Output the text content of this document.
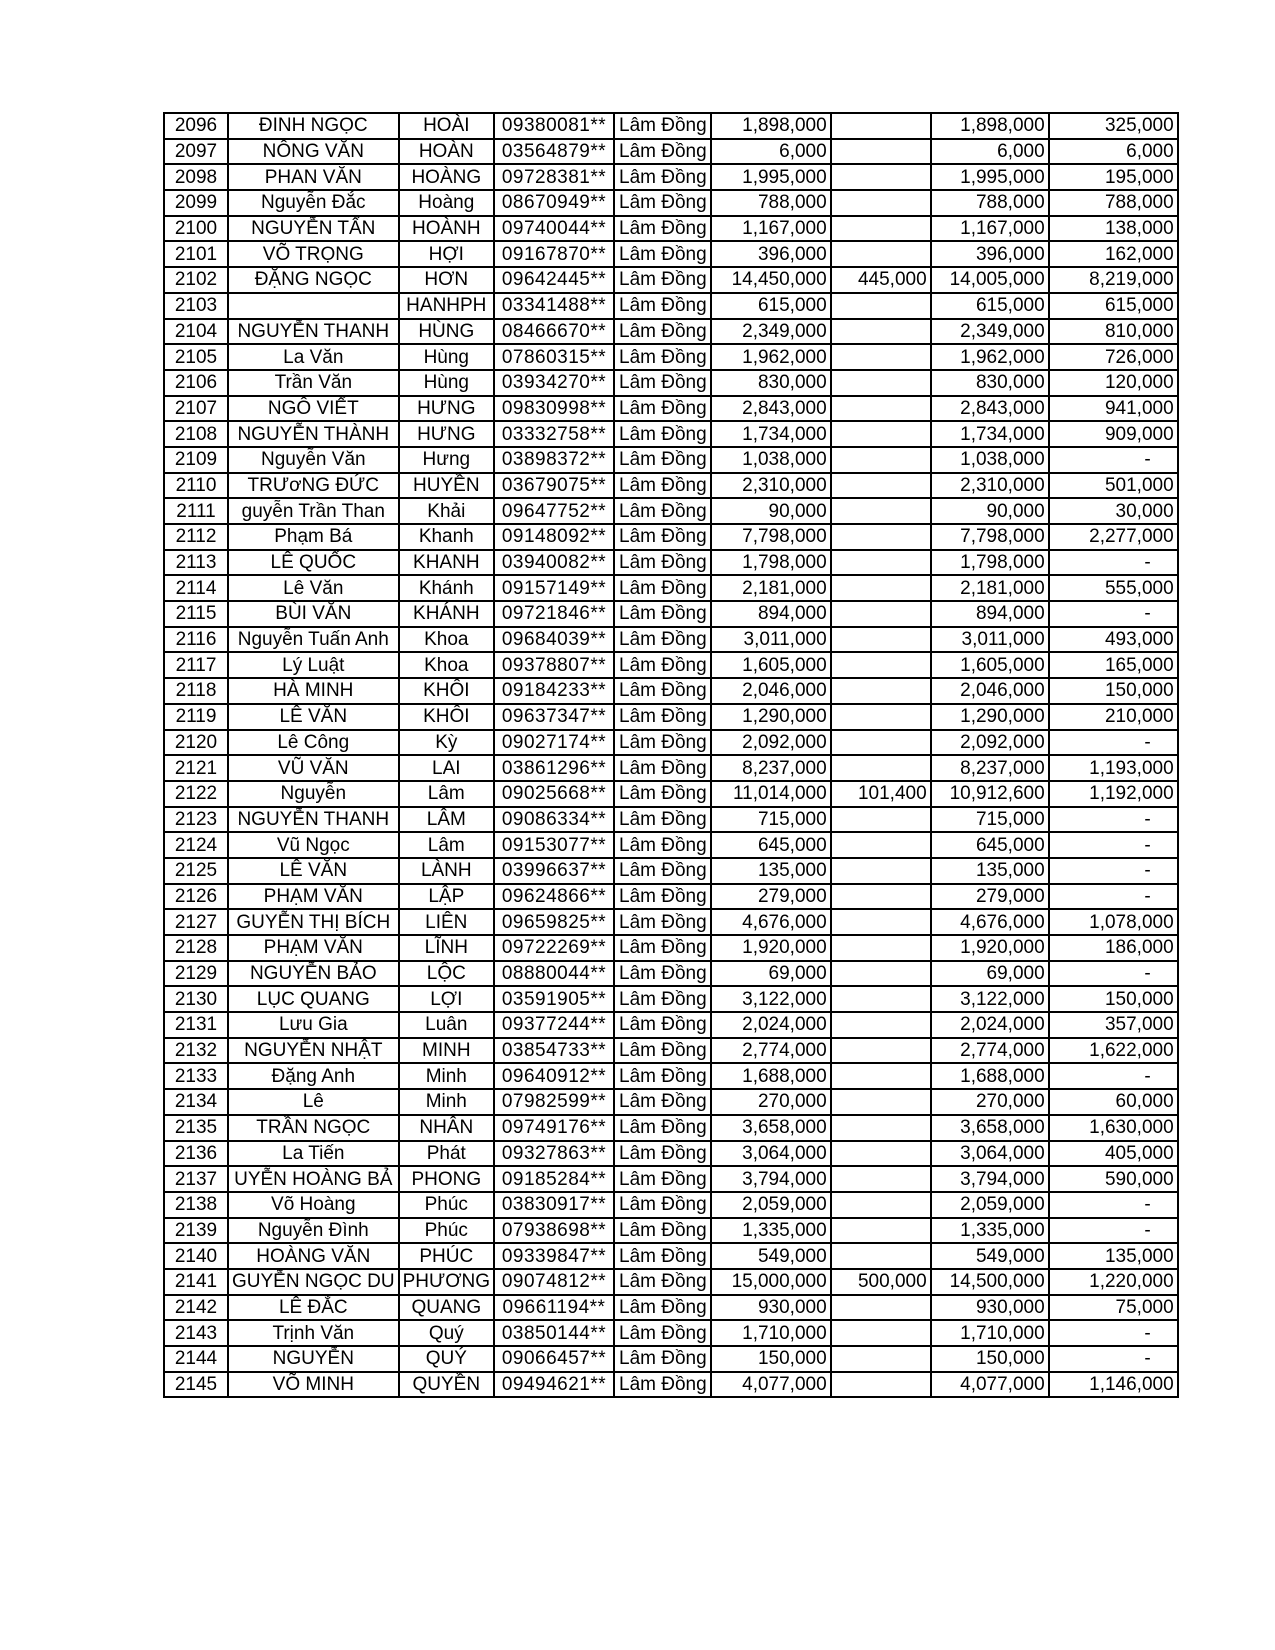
2096	ĐINH NGỌC	HOÀI	09380081**	Lâm Đồng	1,898,000		1,898,000	325,000
2097	NÔNG VĂN	HOÀN	03564879**	Lâm Đồng	6,000		6,000	6,000
2098	PHAN VĂN	HOÀNG	09728381**	Lâm Đồng	1,995,000		1,995,000	195,000
2099	Nguyễn Đắc	Hoàng	08670949**	Lâm Đồng	788,000		788,000	788,000
2100	NGUYỄN TẤN	HOÀNH	09740044**	Lâm Đồng	1,167,000		1,167,000	138,000
2101	VÕ TRỌNG	HỢI	09167870**	Lâm Đồng	396,000		396,000	162,000
2102	ĐẶNG NGỌC	HƠN	09642445**	Lâm Đồng	14,450,000	445,000	14,005,000	8,219,000
2103		HANHPH	03341488**	Lâm Đồng	615,000		615,000	615,000
2104	NGUYỄN THANH	HÙNG	08466670**	Lâm Đồng	2,349,000		2,349,000	810,000
2105	La Văn	Hùng	07860315**	Lâm Đồng	1,962,000		1,962,000	726,000
2106	Trần Văn	Hùng	03934270**	Lâm Đồng	830,000		830,000	120,000
2107	NGÔ VIẾT	HƯNG	09830998**	Lâm Đồng	2,843,000		2,843,000	941,000
2108	NGUYỄN THÀNH	HƯNG	03332758**	Lâm Đồng	1,734,000		1,734,000	909,000
2109	Nguyễn Văn	Hưng	03898372**	Lâm Đồng	1,038,000		1,038,000	-
2110	TRƯơNG ĐỨC	HUYỀN	03679075**	Lâm Đồng	2,310,000		2,310,000	501,000
2111	guyễn Trần Than	Khải	09647752**	Lâm Đồng	90,000		90,000	30,000
2112	Phạm Bá	Khanh	09148092**	Lâm Đồng	7,798,000		7,798,000	2,277,000
2113	LÊ QUỐC	KHANH	03940082**	Lâm Đồng	1,798,000		1,798,000	-
2114	Lê Văn	Khánh	09157149**	Lâm Đồng	2,181,000		2,181,000	555,000
2115	BÙI VĂN	KHÁNH	09721846**	Lâm Đồng	894,000		894,000	-
2116	Nguyễn Tuấn Anh	Khoa	09684039**	Lâm Đồng	3,011,000		3,011,000	493,000
2117	Lý Luật	Khoa	09378807**	Lâm Đồng	1,605,000		1,605,000	165,000
2118	HÀ MINH	KHÔI	09184233**	Lâm Đồng	2,046,000		2,046,000	150,000
2119	LÊ VĂN	KHÔI	09637347**	Lâm Đồng	1,290,000		1,290,000	210,000
2120	Lê Công	Kỳ	09027174**	Lâm Đồng	2,092,000		2,092,000	-
2121	VŨ VĂN	LAI	03861296**	Lâm Đồng	8,237,000		8,237,000	1,193,000
2122	Nguyễn	Lâm	09025668**	Lâm Đồng	11,014,000	101,400	10,912,600	1,192,000
2123	NGUYỄN THANH	LÂM	09086334**	Lâm Đồng	715,000		715,000	-
2124	Vũ Ngọc	Lâm	09153077**	Lâm Đồng	645,000		645,000	-
2125	LÊ VĂN	LÀNH	03996637**	Lâm Đồng	135,000		135,000	-
2126	PHẠM VĂN	LẬP	09624866**	Lâm Đồng	279,000		279,000	-
2127	GUYỄN THỊ BÍCH	LIÊN	09659825**	Lâm Đồng	4,676,000		4,676,000	1,078,000
2128	PHẠM VĂN	LĨNH	09722269**	Lâm Đồng	1,920,000		1,920,000	186,000
2129	NGUYỄN BẢO	LỘC	08880044**	Lâm Đồng	69,000		69,000	-
2130	LỤC QUANG	LỢI	03591905**	Lâm Đồng	3,122,000		3,122,000	150,000
2131	Lưu Gia	Luân	09377244**	Lâm Đồng	2,024,000		2,024,000	357,000
2132	NGUYỄN NHẬT	MINH	03854733**	Lâm Đồng	2,774,000		2,774,000	1,622,000
2133	Đặng Anh	Minh	09640912**	Lâm Đồng	1,688,000		1,688,000	-
2134	Lê	Minh	07982599**	Lâm Đồng	270,000		270,000	60,000
2135	TRẦN NGỌC	NHÂN	09749176**	Lâm Đồng	3,658,000		3,658,000	1,630,000
2136	La Tiến	Phát	09327863**	Lâm Đồng	3,064,000		3,064,000	405,000
2137	UYỄN HOÀNG BẢ	PHONG	09185284**	Lâm Đồng	3,794,000		3,794,000	590,000
2138	Võ Hoàng	Phúc	03830917**	Lâm Đồng	2,059,000		2,059,000	-
2139	Nguyễn Đình	Phúc	07938698**	Lâm Đồng	1,335,000		1,335,000	-
2140	HOÀNG VĂN	PHÚC	09339847**	Lâm Đồng	549,000		549,000	135,000
2141	GUYỄN NGỌC DU	PHƯƠNG	09074812**	Lâm Đồng	15,000,000	500,000	14,500,000	1,220,000
2142	LÊ ĐẮC	QUANG	09661194**	Lâm Đồng	930,000		930,000	75,000
2143	Trịnh Văn	Quý	03850144**	Lâm Đồng	1,710,000		1,710,000	-
2144	NGUYỄN	QUÝ	09066457**	Lâm Đồng	150,000		150,000	-
2145	VÕ MINH	QUYỀN	09494621**	Lâm Đồng	4,077,000		4,077,000	1,146,000
